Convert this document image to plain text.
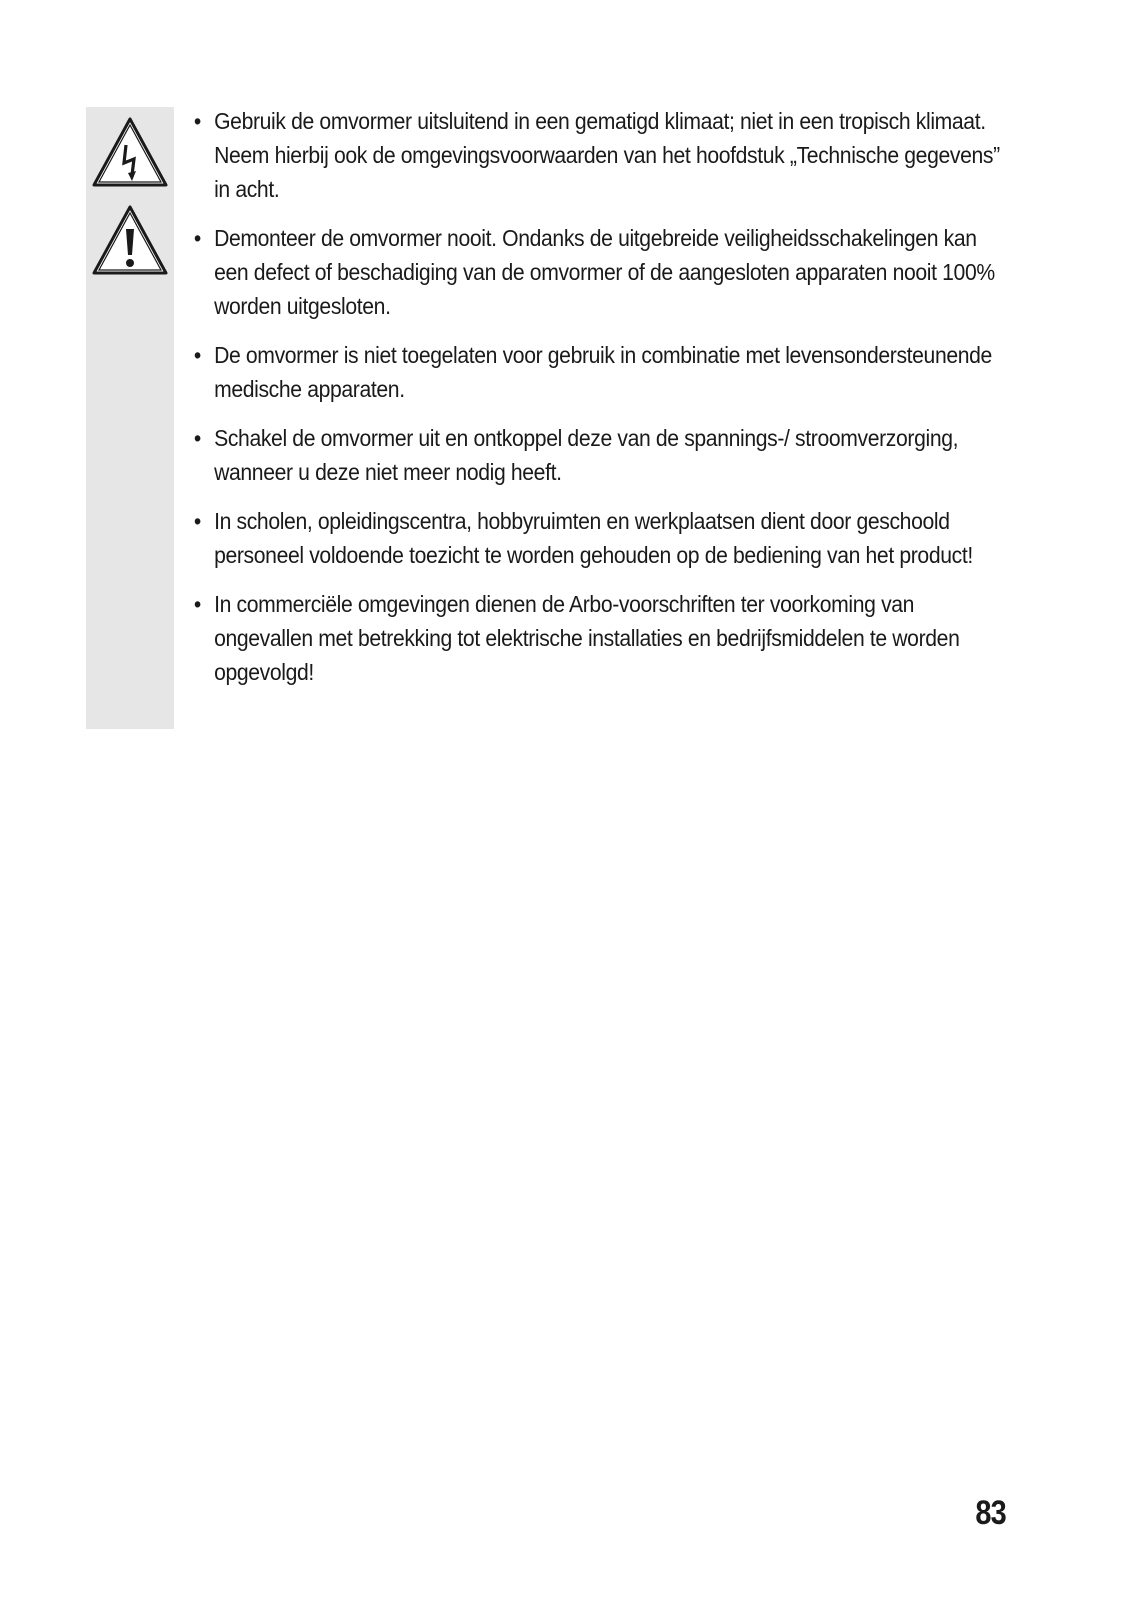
• Gebruik de omvormer uitsluitend in een gematigd klimaat; niet in een tropisch klimaat. Neem hierbij ook de omgevingsvoorwaarden van het hoofdstuk „Technische gegevens” in acht.
• Demonteer de omvormer nooit. Ondanks de uitgebreide veiligheidsschakelingen kan een defect of beschadiging van de omvormer of de aangesloten apparaten nooit 100% worden uitgesloten.
• De omvormer is niet toegelaten voor gebruik in combinatie met levensondersteunende medische apparaten.
• Schakel de omvormer uit en ontkoppel deze van de spannings-/ stroomverzorging, wanneer u deze niet meer nodig heeft.
• In scholen, opleidingscentra, hobbyruimten en werkplaatsen dient door geschoold personeel voldoende toezicht te worden gehouden op de bediening van het product!
• In commerciële omgevingen dienen de Arbo-voorschriften ter voorkoming van ongevallen met betrekking tot elektrische installaties en bedrijfsmiddelen te worden opgevolgd!
83
